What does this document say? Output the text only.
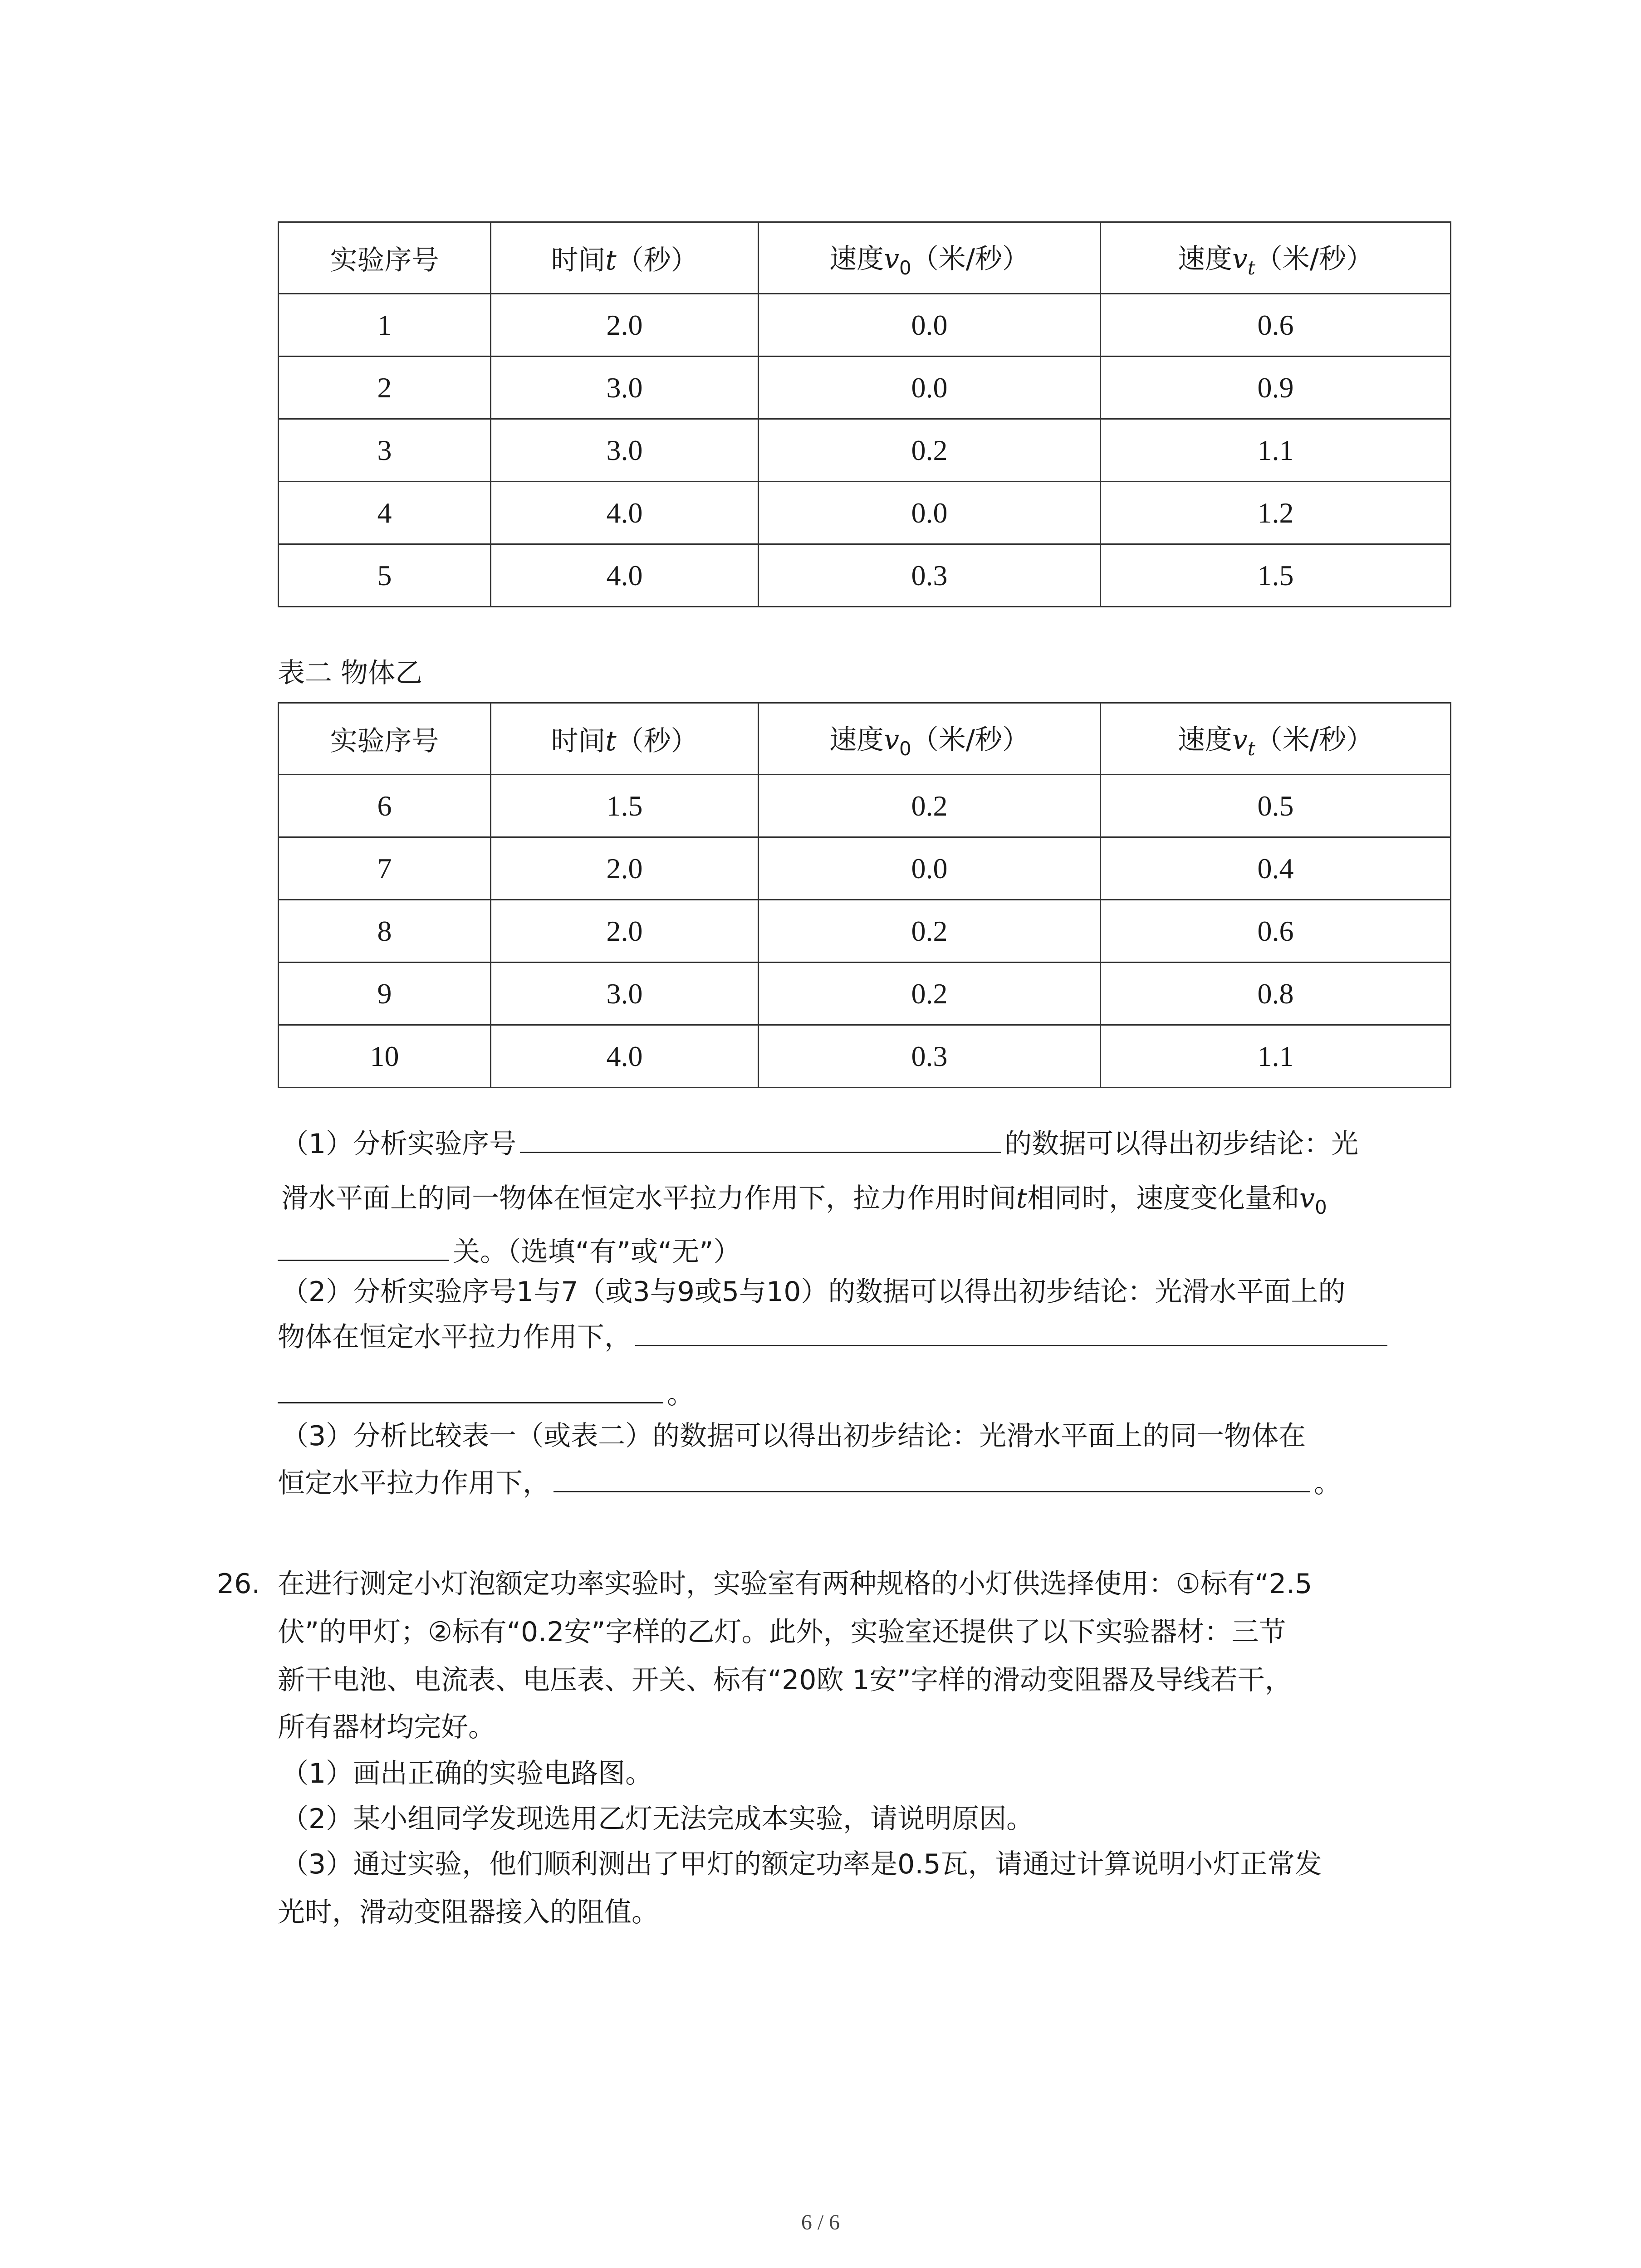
实验序号	时间t（秒）	速度$v_0$（米/秒）	速度$v_t$（米/秒）
1	2.0	0.0	0.6
2	3.0	0.0	0.9
3	3.0	0.2	1.1
4	4.0	0.0	1.2
5	4.0	0.3	1.5
表二 物体乙
实验序号	时间t（秒）	速度$v_0$（米/秒）	速度$v_t$（米/秒）
6	1.5	0.2	0.5
7	2.0	0.0	0.4
8	2.0	0.2	0.6
9	3.0	0.2	0.8
10	4.0	0.3	1.1
（1）分析实验序号	的数据可以得出初步结论：光
滑水平面上的同一物体在恒定水平拉力作用下，拉力作用时间t相同时，速度变化量和$v_0$
关。（选填“有”或“无”）
（2）分析实验序号1与7（或3与9或5与10）的数据可以得出初步结论：光滑水平面上的
物体在恒定水平拉力作用下，
。
（3）分析比较表一（或表二）的数据可以得出初步结论：光滑水平面上的同一物体在
恒定水平拉力作用下，	。
26. 在进行测定小灯泡额定功率实验时，实验室有两种规格的小灯供选择使用：①标有“2.5
伏”的甲灯；②标有“0.2安”字样的乙灯。此外，实验室还提供了以下实验器材：三节
新干电池、电流表、电压表、开关、标有“20欧 1安”字样的滑动变阻器及导线若干，
所有器材均完好。
（1）画出正确的实验电路图。
（2）某小组同学发现选用乙灯无法完成本实验，请说明原因。
（3）通过实验，他们顺利测出了甲灯的额定功率是0.5瓦，请通过计算说明小灯正常发
光时，滑动变阻器接入的阻值。
6 / 6
